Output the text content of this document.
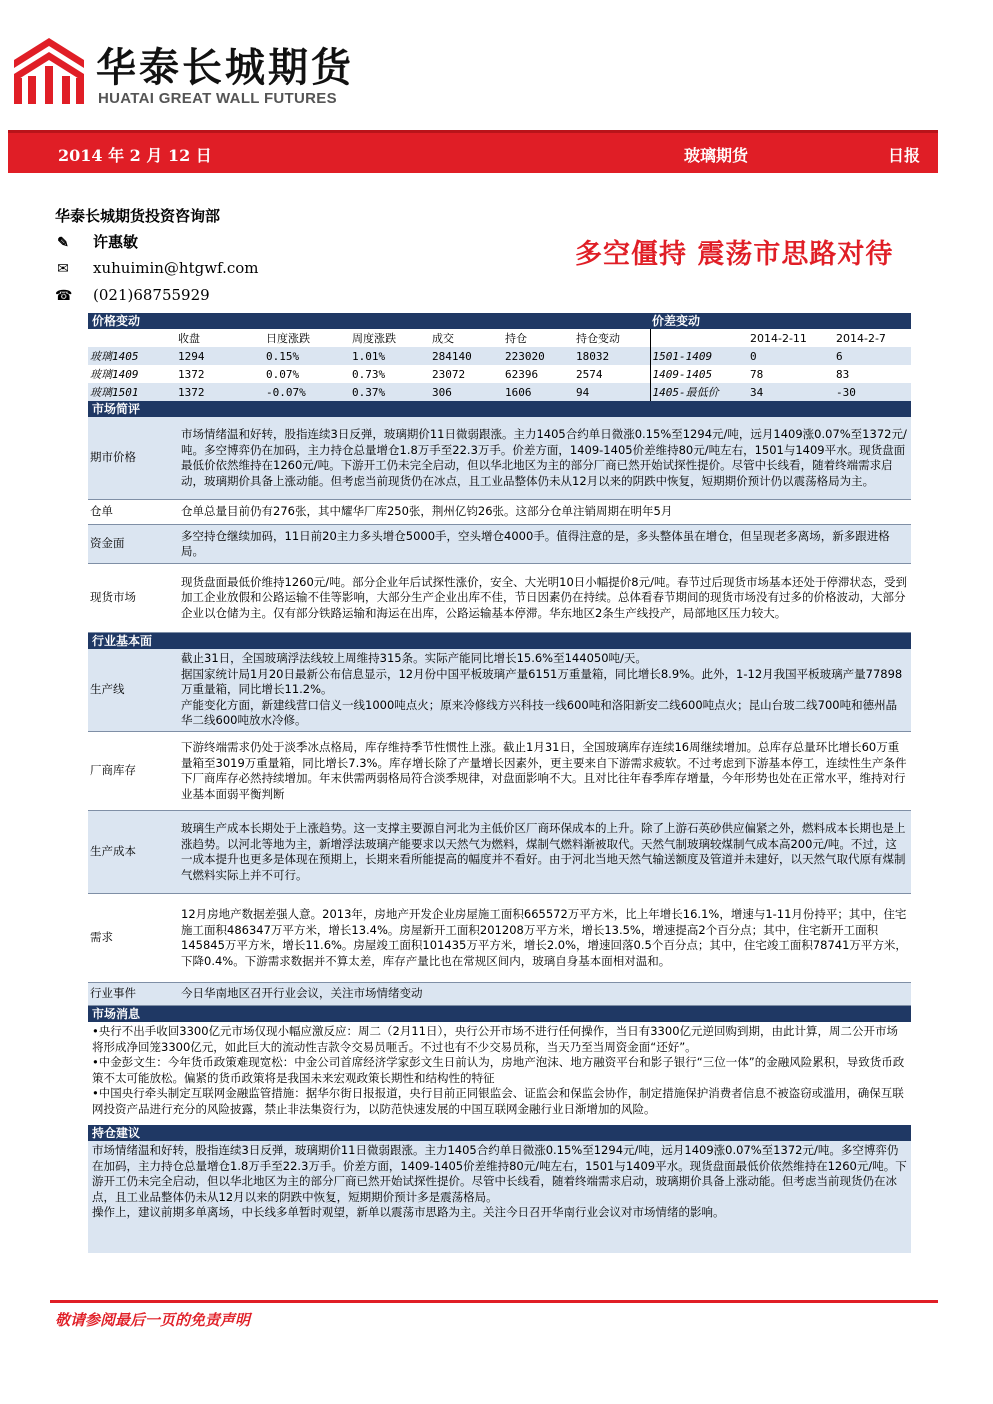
华泰长城期货
HUATAI GREAT WALL FUTURES
2014 年 2 月 12 日	玻璃期货	日报
华泰长城期货投资咨询部
✎ 许惠敏
✉ xuhuimin@htgwf.com
☎ (021)68755929
多空僵持 震荡市思路对待
价格变动	价差变动
	收盘	日度涨跌	周度涨跌	成交	持仓	持仓变动		2014-2-11	2014-2-7
玻璃1405	1294	0.15%	1.01%	284140	223020	18032	1501-1409	0	6
玻璃1409	1372	0.07%	0.73%	23072	62396	2574	1409-1405	78	83
玻璃1501	1372	-0.07%	0.37%	306	1606	94	1405-最低价	34	-30
市场简评
期市价格	市场情绪温和好转，股指连续3日反弹，玻璃期价11日微弱跟涨。主力1405合约单日微涨0.15%至1294元/吨，远月1409涨0.07%至1372元/吨。多空博弈仍在加码，主力持仓总量增仓1.8万手至22.3万手。价差方面，1409-1405价差维持80元/吨左右，1501与1409平水。现货盘面最低价依然维持在1260元/吨。下游开工仍未完全启动，但以华北地区为主的部分厂商已然开始试探性提价。尽管中长线看，随着终端需求启动，玻璃期价具备上涨动能。但考虑当前现货仍在冰点，且工业品整体仍未从12月以来的阴跌中恢复，短期期价预计仍以震荡格局为主。
仓单	仓单总量目前仍有276张，其中耀华厂库250张，荆州亿钧26张。这部分仓单注销周期在明年5月
资金面	多空持仓继续加码，11日前20主力多头增仓5000手，空头增仓4000手。值得注意的是，多头整体虽在增仓，但呈现老多离场，新多跟进格局。
现货市场	现货盘面最低价维持1260元/吨。部分企业年后试探性涨价，安全、大光明10日小幅提价8元/吨。春节过后现货市场基本还处于停滞状态，受到加工企业放假和公路运输不佳等影响，大部分生产企业出库不佳，节日因素仍在持续。总体看春节期间的现货市场没有过多的价格波动，大部分企业以仓储为主。仅有部分铁路运输和海运在出库，公路运输基本停滞。华东地区2条生产线投产，局部地区压力较大。
行业基本面
生产线	截止31日，全国玻璃浮法线较上周维持315条。实际产能同比增长15.6%至144050吨/天。
据国家统计局1月20日最新公布信息显示，12月份中国平板玻璃产量6151万重量箱，同比增长8.9%。此外，1-12月我国平板玻璃产量77898万重量箱，同比增长11.2%。
产能变化方面，新建线营口信义一线1000吨点火；原来冷修线方兴科技一线600吨和洛阳新安二线600吨点火；昆山台玻二线700吨和德州晶华二线600吨放水冷修。
厂商库存	下游终端需求仍处于淡季冰点格局，库存维持季节性惯性上涨。截止1月31日，全国玻璃库存连续16周继续增加。总库存总量环比增长60万重量箱至3019万重量箱，同比增长7.3%。库存增长除了产量增长因素外，更主要来自下游需求疲软。不过考虑到下游基本停工，连续性生产条件下厂商库存必然持续增加。年末供需两弱格局符合淡季规律，对盘面影响不大。且对比往年春季库存增量，今年形势也处在正常水平，维持对行业基本面弱平衡判断
生产成本	玻璃生产成本长期处于上涨趋势。这一支撑主要源自河北为主低价区厂商环保成本的上升。除了上游石英砂供应偏紧之外，燃料成本长期也是上涨趋势。以河北等地为主，新增浮法玻璃产能要求以天然气为燃料，煤制气燃料渐被取代。天然气制玻璃较煤制气成本高200元/吨。不过，这一成本提升也更多是体现在预期上，长期来看所能提高的幅度并不看好。由于河北当地天然气输送额度及管道并未建好，以天然气取代原有煤制气燃料实际上并不可行。
需求	12月房地产数据差强人意。2013年，房地产开发企业房屋施工面积665572万平方米，比上年增长16.1%，增速与1-11月份持平；其中，住宅施工面积486347万平方米，增长13.4%。房屋新开工面积201208万平方米，增长13.5%，增速提高2个百分点；其中，住宅新开工面积145845万平方米，增长11.6%。房屋竣工面积101435万平方米，增长2.0%，增速回落0.5个百分点；其中，住宅竣工面积78741万平方米，下降0.4%。下游需求数据并不算太差，库存产量比也在常规区间内，玻璃自身基本面相对温和。
行业事件	今日华南地区召开行业会议，关注市场情绪变动
市场消息

•央行不出手收回3300亿元市场仅现小幅应激反应：周二（2月11日），央行公开市场不进行任何操作，当日有3300亿元逆回购到期，由此计算，周二公开市场将形成净回笼3300亿元，如此巨大的流动性吉款令交易员咂舌。不过也有不少交易员称，当天乃至当周资金面“还好”。

•中金彭文生：今年货币政策难现宽松：中金公司首席经济学家彭文生日前认为，房地产泡沫、地方融资平台和影子银行“三位一体”的金融风险累积，导致货币政策不太可能放松。偏紧的货币政策将是我国未来宏观政策长期性和结构性的特征

•中国央行牵头制定互联网金融监管措施：据华尔街日报报道，央行目前正同银监会、证监会和保监会协作，制定措施保护消费者信息不被盗窃或滥用，确保互联网投资产品进行充分的风险披露，禁止非法集资行为，以防范快速发展的中国互联网金融行业日渐增加的风险。

持仓建议

市场情绪温和好转，股指连续3日反弹，玻璃期价11日微弱跟涨。主力1405合约单日微涨0.15%至1294元/吨，远月1409涨0.07%至1372元/吨。多空博弈仍在加码，主力持仓总量增仓1.8万手至22.3万手。价差方面，1409-1405价差维持80元/吨左右，1501与1409平水。现货盘面最低价依然维持在1260元/吨。下游开工仍未完全启动，但以华北地区为主的部分厂商已然开始试探性提价。尽管中长线看，随着终端需求启动，玻璃期价具备上涨动能。但考虑当前现货仍在冰点，且工业品整体仍未从12月以来的阴跌中恢复，短期期价预计多是震荡格局。

操作上，建议前期多单离场，中长线多单暂时观望，新单以震荡市思路为主。关注今日召开华南行业会议对市场情绪的影响。

敬请参阅最后一页的免责声明
